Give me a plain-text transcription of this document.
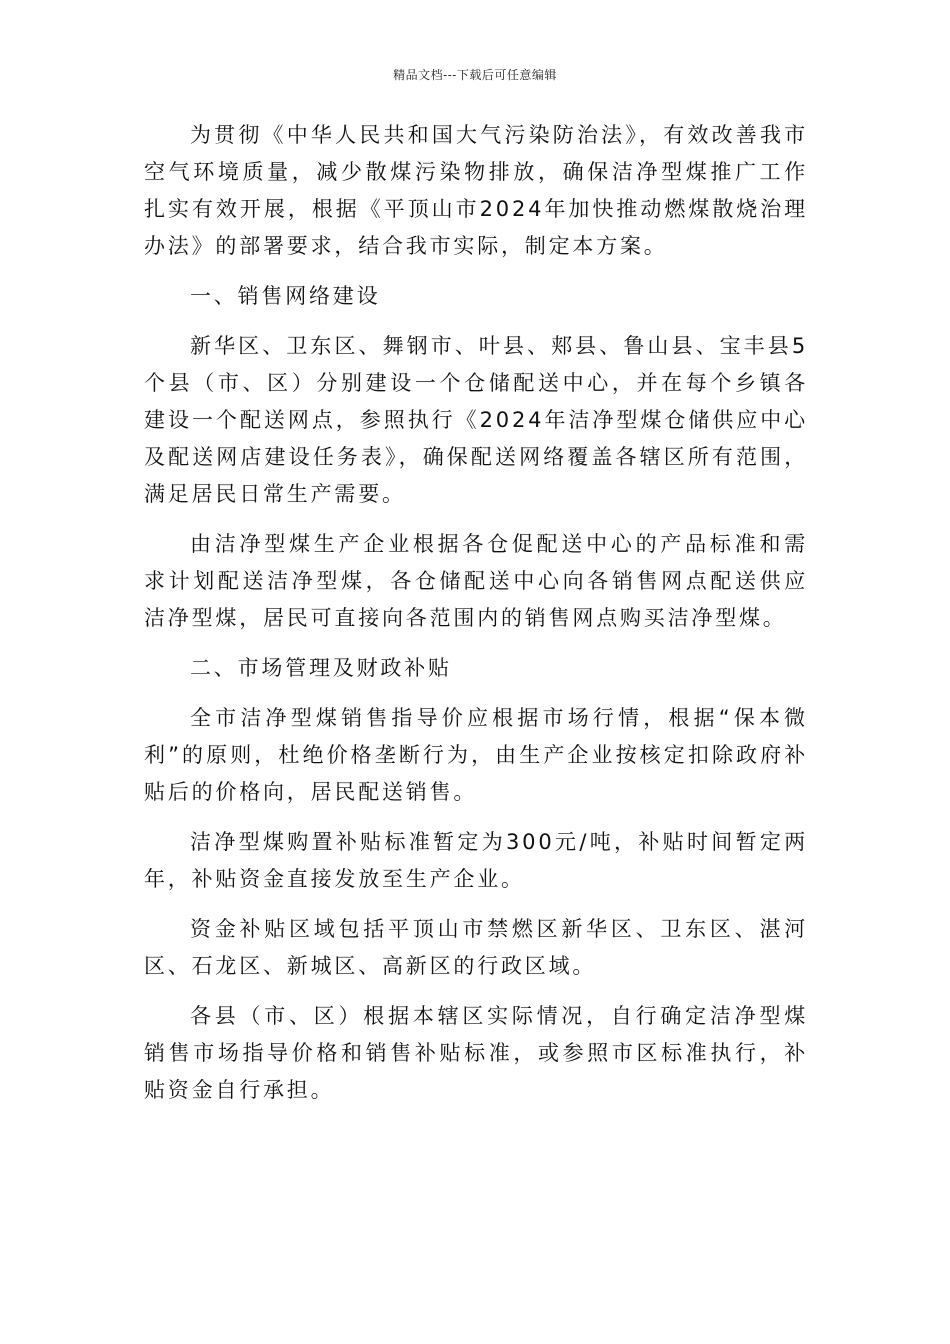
精品文档---下载后可任意编辑

为贯彻《中华人民共和国大气污染防治法》，有效改善我市空气环境质量，减少散煤污染物排放，确保洁净型煤推广工作扎实有效开展，根据《平顶山市2024年加快推动燃煤散烧治理办法》的部署要求，结合我市实际，制定本方案。

一、销售网络建设

新华区、卫东区、舞钢市、叶县、郏县、鲁山县、宝丰县5个县（市、区）分别建设一个仓储配送中心，并在每个乡镇各建设一个配送网点，参照执行《2024年洁净型煤仓储供应中心及配送网店建设任务表》，确保配送网络覆盖各辖区所有范围，满足居民日常生产需要。

由洁净型煤生产企业根据各仓促配送中心的产品标准和需求计划配送洁净型煤，各仓储配送中心向各销售网点配送供应洁净型煤，居民可直接向各范围内的销售网点购买洁净型煤。

二、市场管理及财政补贴

全市洁净型煤销售指导价应根据市场行情，根据“保本微利”的原则，杜绝价格垄断行为，由生产企业按核定扣除政府补贴后的价格向，居民配送销售。

洁净型煤购置补贴标准暂定为300元/吨，补贴时间暂定两年，补贴资金直接发放至生产企业。

资金补贴区域包括平顶山市禁燃区新华区、卫东区、湛河区、石龙区、新城区、高新区的行政区域。

各县（市、区）根据本辖区实际情况，自行确定洁净型煤销售市场指导价格和销售补贴标准，或参照市区标准执行，补贴资金自行承担。
